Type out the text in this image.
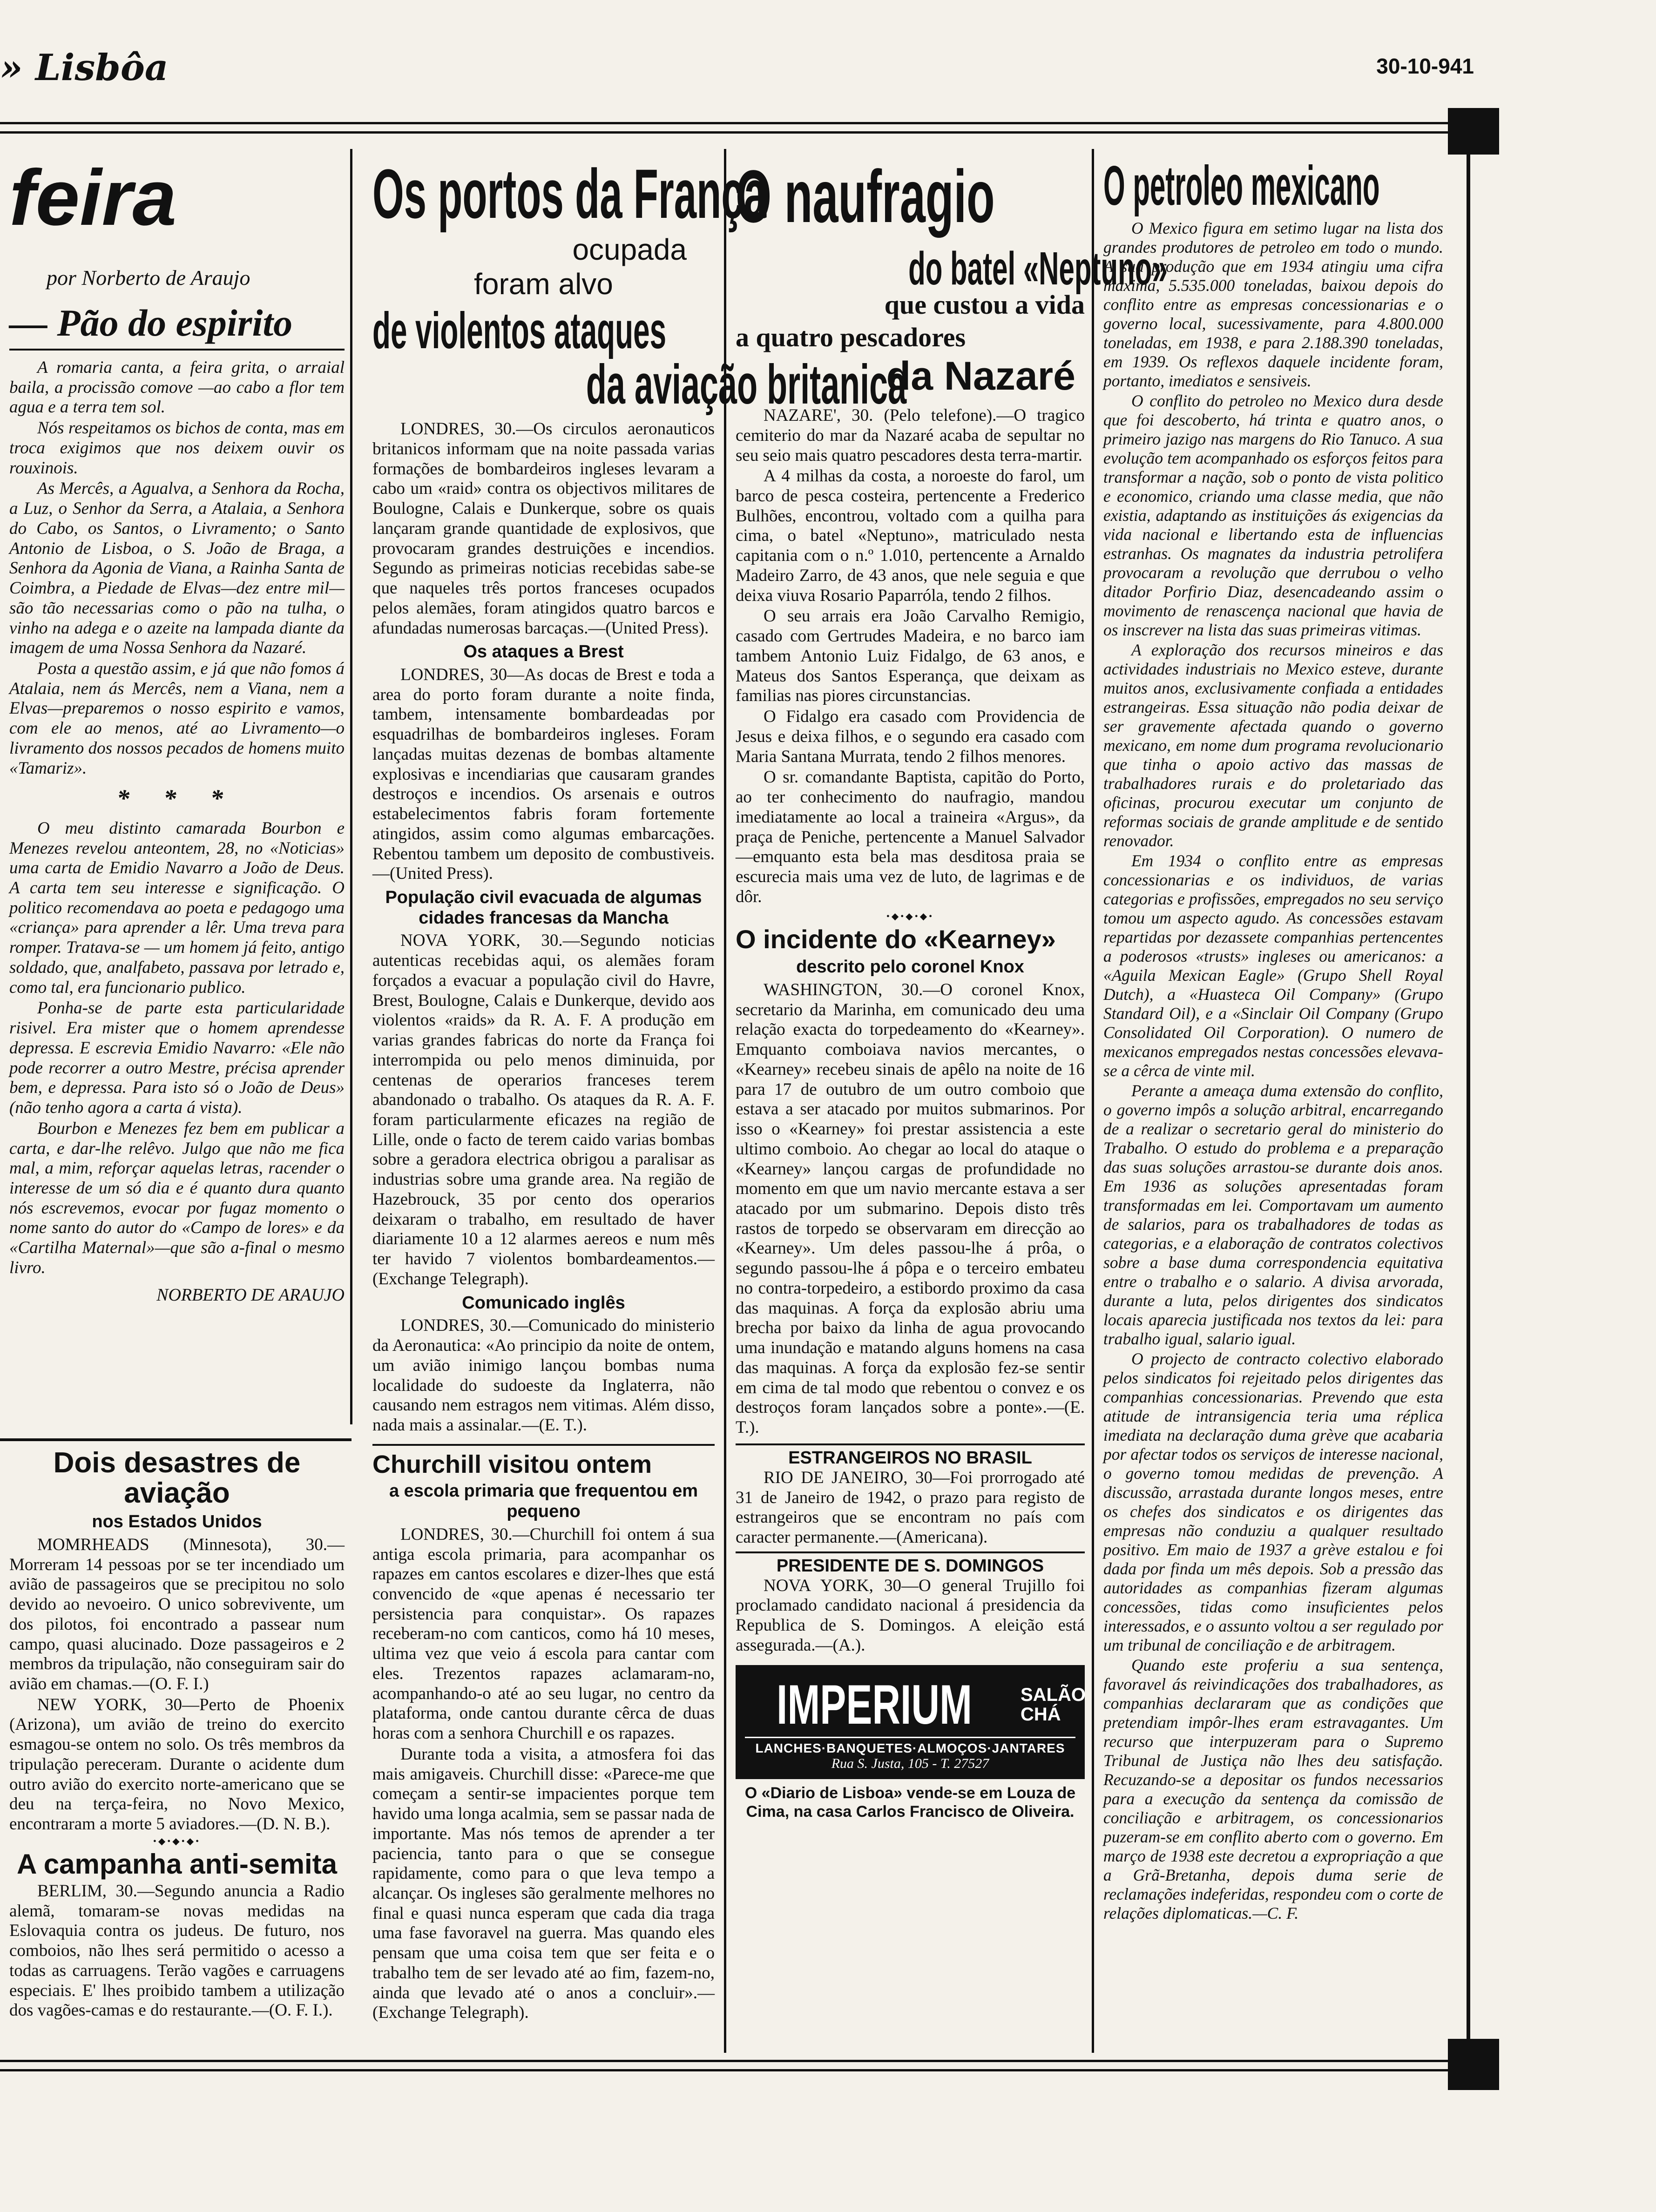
» Lisbôa	30-10-941
feira
por Norberto de Araujo
— Pão do espirito

A romaria canta, a feira grita, o arraial baila, a procissão comove —ao cabo a flor tem agua e a terra tem sol.

Nós respeitamos os bichos de conta, mas em troca exigimos que nos deixem ouvir os rouxinois.

As Mercês, a Agualva, a Senhora da Rocha, a Luz, o Senhor da Serra, a Atalaia, a Senhora do Cabo, os Santos, o Livramento; o Santo Antonio de Lisboa, o S. João de Braga, a Senhora da Agonia de Viana, a Rainha Santa de Coimbra, a Piedade de Elvas—dez entre mil—são tão necessarias como o pão na tulha, o vinho na adega e o azeite na lampada diante da imagem de uma Nossa Senhora da Nazaré.

Posta a questão assim, e já que não fomos á Atalaia, nem ás Mercês, nem a Viana, nem a Elvas—preparemos o nosso espirito e vamos, com ele ao menos, até ao Livramento—o livramento dos nossos pecados de homens muito «Tamariz».

* * *

O meu distinto camarada Bourbon e Menezes revelou anteontem, 28, no «Noticias» uma carta de Emidio Navarro a João de Deus. A carta tem seu interesse e significação. O politico recomendava ao poeta e pedagogo uma «criança» para aprender a lêr. Uma treva para romper. Tratava-se — um homem já feito, antigo soldado, que, analfabeto, passava por letrado e, como tal, era funcionario publico.

Ponha-se de parte esta particularidade risivel. Era mister que o homem aprendesse depressa. E escrevia Emidio Navarro: «Ele não pode recorrer a outro Mestre, précisa aprender bem, e depressa. Para isto só o João de Deus» (não tenho agora a carta á vista).

Bourbon e Menezes fez bem em publicar a carta, e dar-lhe relêvo. Julgo que não me fica mal, a mim, reforçar aquelas letras, racender o interesse de um só dia e é quanto dura quanto nós escrevemos, evocar por fugaz momento o nome santo do autor do «Campo de lores» e da «Cartilha Maternal»—que são a-final o mesmo livro.

NORBERTO DE ARAUJO
Dois desastres de aviação
nos Estados Unidos

MOMRHEADS (Minnesota), 30.—Morreram 14 pessoas por se ter incendiado um avião de passageiros que se precipitou no solo devido ao nevoeiro. O unico sobrevivente, um dos pilotos, foi encontrado a passear num campo, quasi alucinado. Doze passageiros e 2 membros da tripulação, não conseguiram sair do avião em chamas.—(O. F. I.)

NEW YORK, 30—Perto de Phoenix (Arizona), um avião de treino do exercito esmagou-se ontem no solo. Os três membros da tripulação pereceram. Durante o acidente dum outro avião do exercito norte-americano que se deu na terça-feira, no Novo Mexico, encontraram a morte 5 aviadores.—(D. N. B.).

•◆•◆•◆•
A campanha anti-semita

BERLIM, 30.—Segundo anuncia a Radio alemã, tomaram-se novas medidas na Eslovaquia contra os judeus. De futuro, nos comboios, não lhes será permitido o acesso a todas as carruagens. Terão vagões e carruagens especiais. E' lhes proibido tambem a utilização dos vagões-camas e do restaurante.—(O. F. I.).

Os portos da França
ocupada
foram alvo
de violentos ataques
da aviação britanica

LONDRES, 30.—Os circulos aeronauticos britanicos informam que na noite passada varias formações de bombardeiros ingleses levaram a cabo um «raid» contra os objectivos militares de Boulogne, Calais e Dunkerque, sobre os quais lançaram grande quantidade de explosivos, que provocaram grandes destruições e incendios. Segundo as primeiras noticias recebidas sabe-se que naqueles três portos franceses ocupados pelos alemães, foram atingidos quatro barcos e afundadas numerosas barcaças.—(United Press).

Os ataques a Brest

LONDRES, 30—As docas de Brest e toda a area do porto foram durante a noite finda, tambem, intensamente bombardeadas por esquadrilhas de bombardeiros ingleses. Foram lançadas muitas dezenas de bombas altamente explosivas e incendiarias que causaram grandes destroços e incendios. Os arsenais e outros estabelecimentos fabris foram fortemente atingidos, assim como algumas embarcações. Rebentou tambem um deposito de combustiveis.—(United Press).

População civil evacuada de algumas cidades francesas da Mancha

NOVA YORK, 30.—Segundo noticias autenticas recebidas aqui, os alemães foram forçados a evacuar a população civil do Havre, Brest, Boulogne, Calais e Dunkerque, devido aos violentos «raids» da R. A. F. A produção em varias grandes fabricas do norte da França foi interrompida ou pelo menos diminuida, por centenas de operarios franceses terem abandonado o trabalho. Os ataques da R. A. F. foram particularmente eficazes na região de Lille, onde o facto de terem caido varias bombas sobre a geradora electrica obrigou a paralisar as industrias sobre uma grande area. Na região de Hazebrouck, 35 por cento dos operarios deixaram o trabalho, em resultado de haver diariamente 10 a 12 alarmes aereos e num mês ter havido 7 violentos bombardeamentos.—(Exchange Telegraph).

Comunicado inglês

LONDRES, 30.—Comunicado do ministerio da Aeronautica: «Ao principio da noite de ontem, um avião inimigo lançou bombas numa localidade do sudoeste da Inglaterra, não causando nem estragos nem vitimas. Além disso, nada mais a assinalar.—(E. T.).

Churchill visitou ontem
a escola primaria que frequentou em pequeno

LONDRES, 30.—Churchill foi ontem á sua antiga escola primaria, para acompanhar os rapazes em cantos escolares e dizer-lhes que está convencido de «que apenas é necessario ter persistencia para conquistar». Os rapazes receberam-no com canticos, como há 10 meses, ultima vez que veio á escola para cantar com eles. Trezentos rapazes aclamaram-no, acompanhando-o até ao seu lugar, no centro da plataforma, onde cantou durante cêrca de duas horas com a senhora Churchill e os rapazes.

Durante toda a visita, a atmosfera foi das mais amigaveis. Churchill disse: «Parece-me que começam a sentir-se impacientes porque tem havido uma longa acalmia, sem se passar nada de importante. Mas nós temos de aprender a ter paciencia, tanto para o que se consegue rapidamente, como para o que leva tempo a alcançar. Os ingleses são geralmente melhores no final e quasi nunca esperam que cada dia traga uma fase favoravel na guerra. Mas quando eles pensam que uma coisa tem que ser feita e o trabalho tem de ser levado até ao fim, fazem-no, ainda que levado até o anos a concluir».—(Exchange Telegraph).

O naufragio
do batel «Neptuno»
que custou a vida
a quatro pescadores
da Nazaré

NAZARE', 30. (Pelo telefone).—O tragico cemiterio do mar da Nazaré acaba de sepultar no seu seio mais quatro pescadores desta terra-martir.

A 4 milhas da costa, a noroeste do farol, um barco de pesca costeira, pertencente a Frederico Bulhões, encontrou, voltado com a quilha para cima, o batel «Neptuno», matriculado nesta capitania com o n.º 1.010, pertencente a Arnaldo Madeiro Zarro, de 43 anos, que nele seguia e que deixa viuva Rosario Paparróla, tendo 2 filhos.

O seu arrais era João Carvalho Remigio, casado com Gertrudes Madeira, e no barco iam tambem Antonio Luiz Fidalgo, de 63 anos, e Mateus dos Santos Esperança, que deixam as familias nas piores circunstancias.

O Fidalgo era casado com Providencia de Jesus e deixa filhos, e o segundo era casado com Maria Santana Murrata, tendo 2 filhos menores.

O sr. comandante Baptista, capitão do Porto, ao ter conhecimento do naufragio, mandou imediatamente ao local a traineira «Argus», da praça de Peniche, pertencente a Manuel Salvador—emquanto esta bela mas desditosa praia se escurecia mais uma vez de luto, de lagrimas e de dôr.

•◆•◆•◆•
O incidente do «Kearney»
descrito pelo coronel Knox

WASHINGTON, 30.—O coronel Knox, secretario da Marinha, em comunicado deu uma relação exacta do torpedeamento do «Kearney». Emquanto comboiava navios mercantes, o «Kearney» recebeu sinais de apêlo na noite de 16 para 17 de outubro de um outro comboio que estava a ser atacado por muitos submarinos. Por isso o «Kearney» foi prestar assistencia a este ultimo comboio. Ao chegar ao local do ataque o «Kearney» lançou cargas de profundidade no momento em que um navio mercante estava a ser atacado por um submarino. Depois disto três rastos de torpedo se observaram em direcção ao «Kearney». Um deles passou-lhe á prôa, o segundo passou-lhe á pôpa e o terceiro embateu no contra-torpedeiro, a estibordo proximo da casa das maquinas. A força da explosão abriu uma brecha por baixo da linha de agua provocando uma inundação e matando alguns homens na casa das maquinas. A força da explosão fez-se sentir em cima de tal modo que rebentou o convez e os destroços foram lançados sobre a ponte».—(E. T.).

ESTRANGEIROS NO BRASIL

RIO DE JANEIRO, 30—Foi prorrogado até 31 de Janeiro de 1942, o prazo para registo de estrangeiros que se encontram no país com caracter permanente.—(Americana).

PRESIDENTE DE S. DOMINGOS

NOVA YORK, 30—O general Trujillo foi proclamado candidato nacional á presidencia da Republica de S. Domingos. A eleição está assegurada.—(A.).

IMPERIUM	SALÃO
CHÁ
LANCHES·BANQUETES·ALMOÇOS·JANTARES
Rua S. Justa, 105 - T. 27527
O «Diario de Lisboa» vende-se em Louza de Cima, na casa Carlos Francisco de Oliveira.
O petroleo mexicano

O Mexico figura em setimo lugar na lista dos grandes produtores de petroleo em todo o mundo. A sua produção que em 1934 atingiu uma cifra maxima, 5.535.000 toneladas, baixou depois do conflito entre as empresas concessionarias e o governo local, sucessivamente, para 4.800.000 toneladas, em 1938, e para 2.188.390 toneladas, em 1939. Os reflexos daquele incidente foram, portanto, imediatos e sensiveis.

O conflito do petroleo no Mexico dura desde que foi descoberto, há trinta e quatro anos, o primeiro jazigo nas margens do Rio Tanuco. A sua evolução tem acompanhado os esforços feitos para transformar a nação, sob o ponto de vista politico e economico, criando uma classe media, que não existia, adaptando as instituições ás exigencias da vida nacional e libertando esta de influencias estranhas. Os magnates da industria petrolifera provocaram a revolução que derrubou o velho ditador Porfirio Diaz, desencadeando assim o movimento de renascença nacional que havia de os inscrever na lista das suas primeiras vitimas.

A exploração dos recursos mineiros e das actividades industriais no Mexico esteve, durante muitos anos, exclusivamente confiada a entidades estrangeiras. Essa situação não podia deixar de ser gravemente afectada quando o governo mexicano, em nome dum programa revolucionario que tinha o apoio activo das massas de trabalhadores rurais e do proletariado das oficinas, procurou executar um conjunto de reformas sociais de grande amplitude e de sentido renovador.

Em 1934 o conflito entre as empresas concessionarias e os individuos, de varias categorias e profissões, empregados no seu serviço tomou um aspecto agudo. As concessões estavam repartidas por dezassete companhias pertencentes a poderosos «trusts» ingleses ou americanos: a «Aguila Mexican Eagle» (Grupo Shell Royal Dutch), a «Huasteca Oil Company» (Grupo Standard Oil), e a «Sinclair Oil Company (Grupo Consolidated Oil Corporation). O numero de mexicanos empregados nestas concessões elevava-se a cêrca de vinte mil.

Perante a ameaça duma extensão do conflito, o governo impôs a solução arbitral, encarregando de a realizar o secretario geral do ministerio do Trabalho. O estudo do problema e a preparação das suas soluções arrastou-se durante dois anos. Em 1936 as soluções apresentadas foram transformadas em lei. Comportavam um aumento de salarios, para os trabalhadores de todas as categorias, e a elaboração de contratos colectivos sobre a base duma correspondencia equitativa entre o trabalho e o salario. A divisa arvorada, durante a luta, pelos dirigentes dos sindicatos locais aparecia justificada nos textos da lei: para trabalho igual, salario igual.

O projecto de contracto colectivo elaborado pelos sindicatos foi rejeitado pelos dirigentes das companhias concessionarias. Prevendo que esta atitude de intransigencia teria uma réplica imediata na declaração duma grève que acabaria por afectar todos os serviços de interesse nacional, o governo tomou medidas de prevenção. A discussão, arrastada durante longos meses, entre os chefes dos sindicatos e os dirigentes das empresas não conduziu a qualquer resultado positivo. Em maio de 1937 a grève estalou e foi dada por finda um mês depois. Sob a pressão das autoridades as companhias fizeram algumas concessões, tidas como insuficientes pelos interessados, e o assunto voltou a ser regulado por um tribunal de conciliação e de arbitragem.

Quando este proferiu a sua sentença, favoravel ás reivindicações dos trabalhadores, as companhias declararam que as condições que pretendiam impôr-lhes eram estravagantes. Um recurso que interpuzeram para o Supremo Tribunal de Justiça não lhes deu satisfação. Recuzando-se a depositar os fundos necessarios para a execução da sentença da comissão de conciliação e arbitragem, os concessionarios puzeram-se em conflito aberto com o governo. Em março de 1938 este decretou a expropriação a que a Grã-Bretanha, depois duma serie de reclamações indeferidas, respondeu com o corte de relações diplomaticas.—C. F.
